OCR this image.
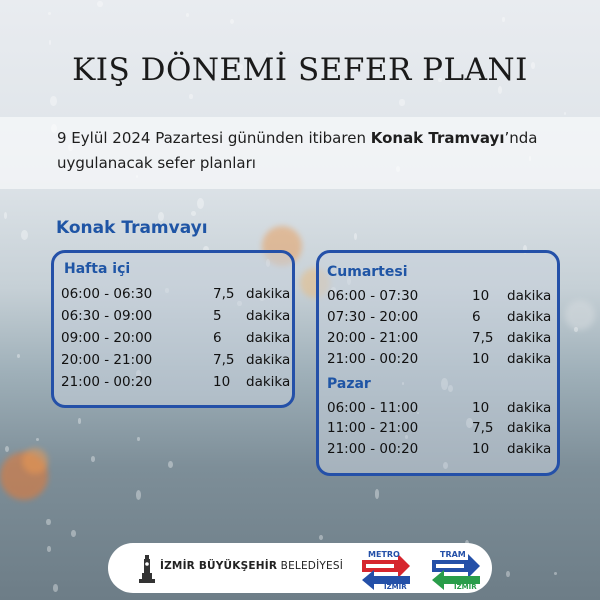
KIŞ DÖNEMİ SEFER PLANI
9 Eylül 2024 Pazartesi gününden itibaren Konak Tramvayı’nda uygulanacak sefer planları
Konak Tramvayı
Hafta içi
06:00 - 06:30	7,5 dakika
06:30 - 09:00	5 dakika
09:00 - 20:00	6 dakika
20:00 - 21:00	7,5 dakika
21:00 - 00:20	10 dakika
Cumartesi
06:00 - 07:30	10 dakika
07:30 - 20:00	6 dakika
20:00 - 21:00	7,5 dakika
21:00 - 00:20	10 dakika
Pazar
06:00 - 11:00	10 dakika
11:00 - 21:00	7,5 dakika
21:00 - 00:20	10 dakika
İZMİR BÜYÜKŞEHİR BELEDİYESİ
METRO
İZMİR
TRAM
İZMİR
